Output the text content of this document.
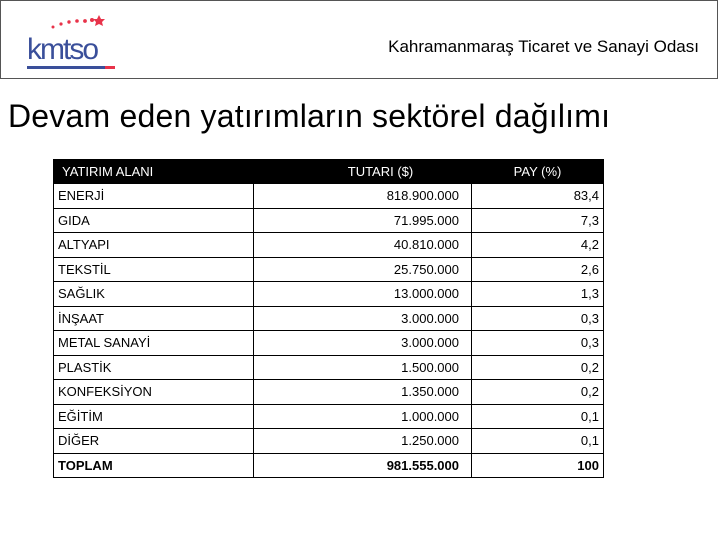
kmtso	Kahramanmaraş Ticaret ve Sanayi Odası
Devam eden yatırımların sektörel dağılımı
YATIRIM ALANI	TUTARI ($)	PAY (%)
ENERJİ	818.900.000	83,4
GIDA	71.995.000	7,3
ALTYAPI	40.810.000	4,2
TEKSTİL	25.750.000	2,6
SAĞLIK	13.000.000	1,3
İNŞAAT	3.000.000	0,3
METAL SANAYİ	3.000.000	0,3
PLASTİK	1.500.000	0,2
KONFEKSİYON	1.350.000	0,2
EĞİTİM	1.000.000	0,1
DİĞER	1.250.000	0,1
TOPLAM	981.555.000	100
